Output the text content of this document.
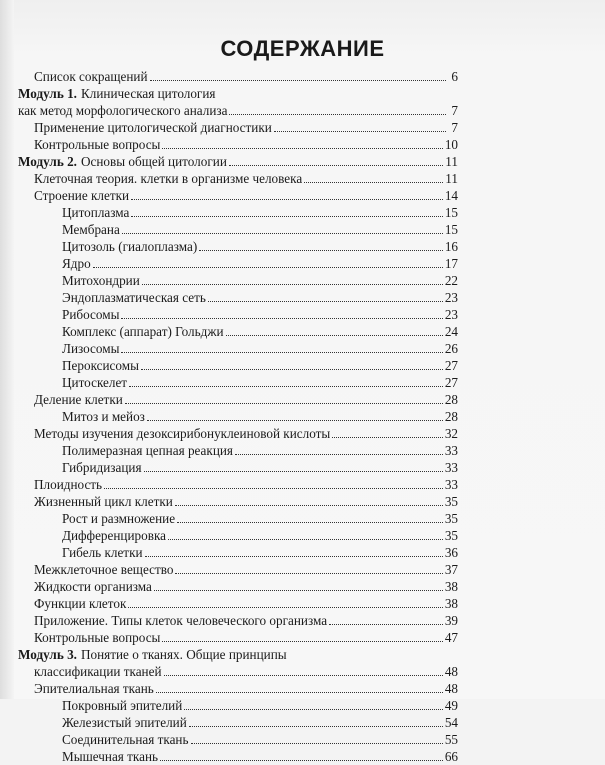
СОДЕРЖАНИЕ
Список сокращений	6
Модуль 1. Клиническая цитология
как метод морфологического анализа	7
Применение цитологической диагностики	7
Контрольные вопросы	10
Модуль 2. Основы общей цитологии	11
Клеточная теория. клетки в организме человека	11
Строение клетки	14
Цитоплазма	15
Мембрана	15
Цитозоль (гиалоплазма)	16
Ядро	17
Митохондрии	22
Эндоплазматическая сеть	23
Рибосомы	23
Комплекс (аппарат) Гольджи	24
Лизосомы	26
Пероксисомы	27
Цитоскелет	27
Деление клетки	28
Митоз и мейоз	28
Методы изучения дезоксирибонуклеиновой кислоты	32
Полимеразная цепная реакция	33
Гибридизация	33
Плоидность	33
Жизненный цикл клетки	35
Рост и размножение	35
Дифференцировка	35
Гибель клетки	36
Межклеточное вещество	37
Жидкости организма	38
Функции клеток	38
Приложение. Типы клеток человеческого организма	39
Контрольные вопросы	47
Модуль 3. Понятие о тканях. Общие принципы
классификации тканей	48
Эпителиальная ткань	48
Покровный эпителий	49
Железистый эпителий	54
Соединительная ткань	55
Мышечная ткань	66
